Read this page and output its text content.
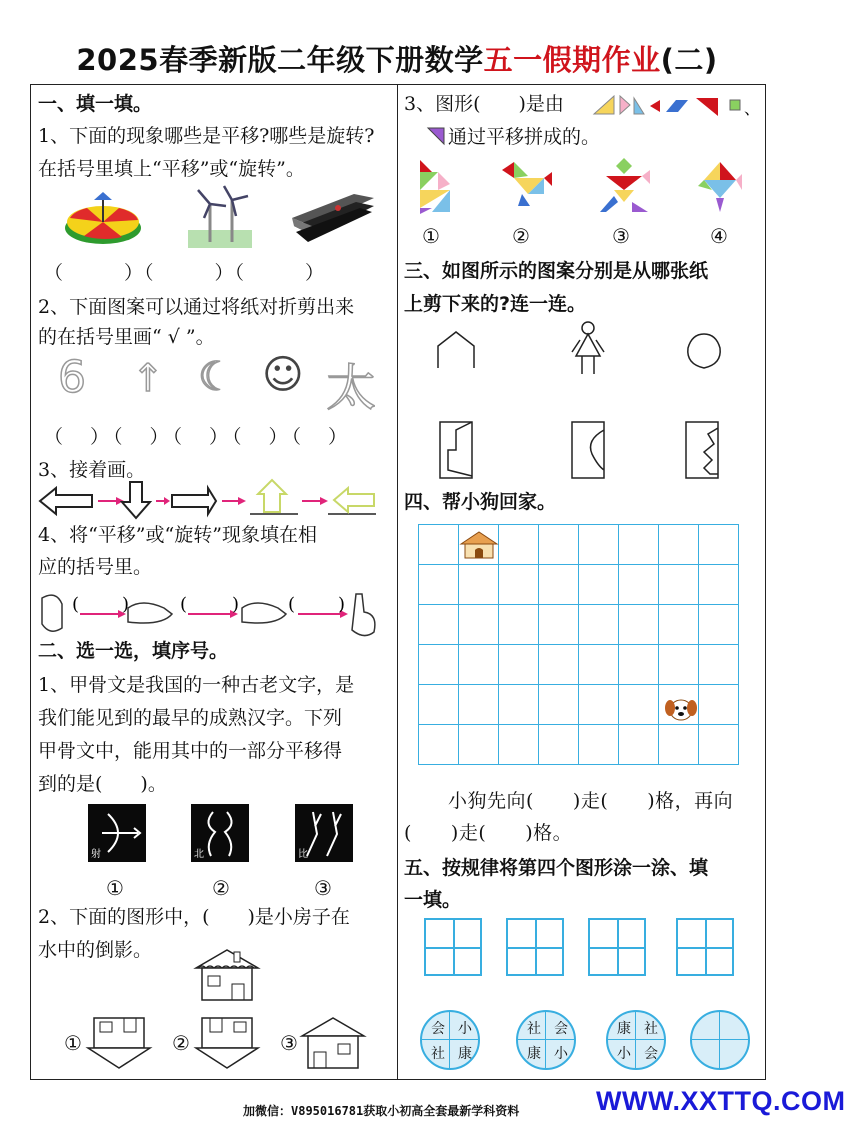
2025春季新版二年级下册数学五一假期作业(二)
一、填一填。
1、下面的现象哪些是平移?哪些是旋转?
在括号里填上“平移”或“旋转”。
（　　　）（　　　）（　　　）
2、下面图案可以通过将纸对折剪出来
的在括号里画“ √ ”。
6 ↑ ☾ ☺ 太
（　）（　）（　）（　）（　）
3、接着画。
4、将“平移”或“旋转”现象填在相
应的括号里。
( )	( )	( )
二、选一选，填序号。
1、甲骨文是我国的一种古老文字，是
我们能见到的最早的成熟汉字。下列
甲骨文中，能用其中的一部分平移得
到的是(　　)。
射	北	比
①	②	③
2、下面的图形中，(　　)是小房子在
水中的倒影。
①	②	③
3、图形(　　)是由	、
通过平移拼成的。
①	②	③	④
三、如图所示的图案分别是从哪张纸
上剪下来的?连一连。
四、帮小狗回家。

小狗先向(　　)走(　　)格，再向
(　　)走(　　)格。
五、按规律将第四个图形涂一涂、填
一填。
会 小
社 康
社 会
康 小
康 社
小 会
加微信：V895016781获取小初高全套最新学科资料	WWW.XXTTQ.COM
